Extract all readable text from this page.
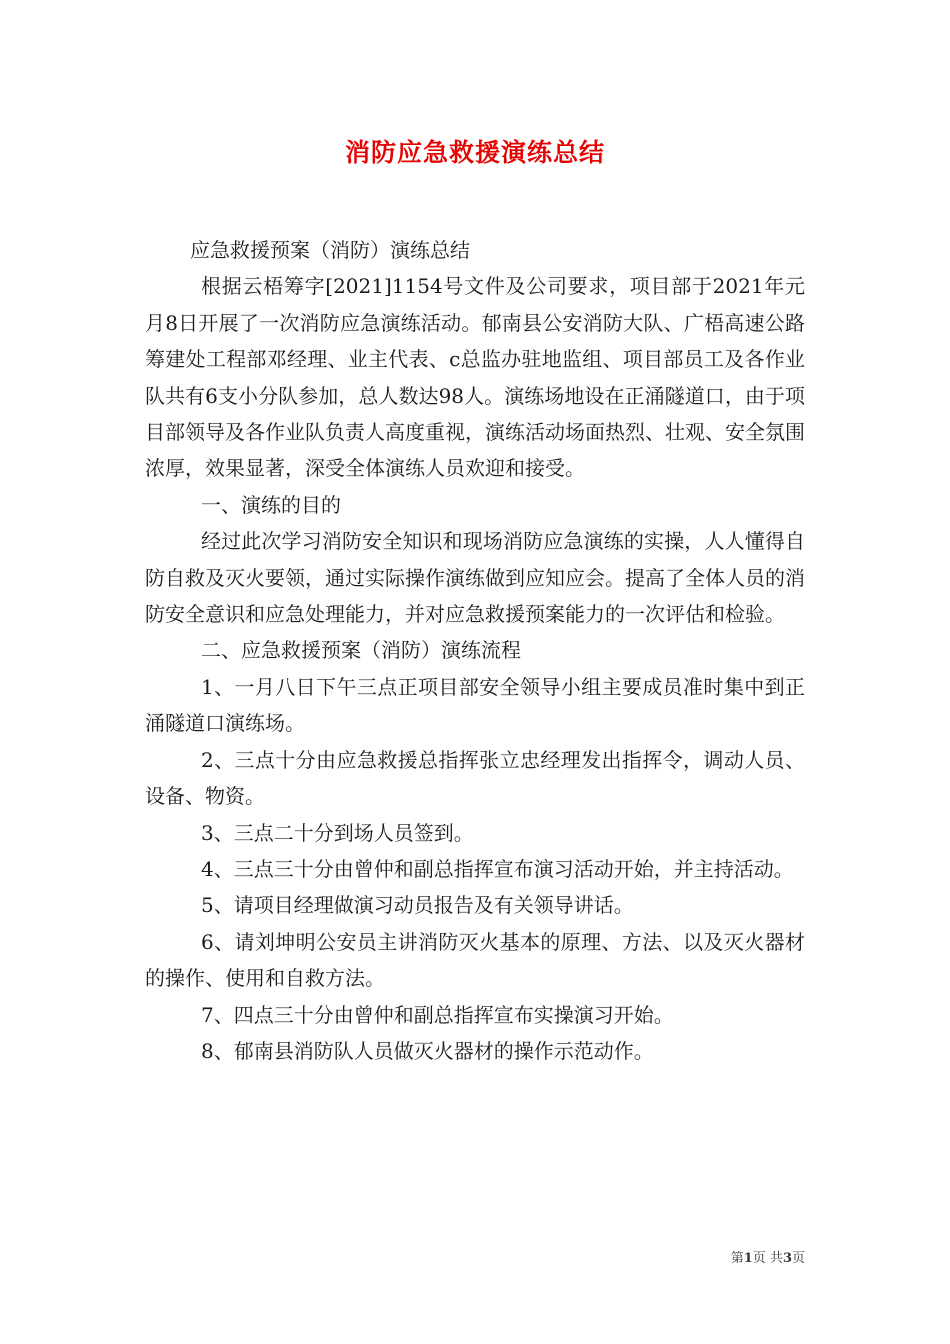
消防应急救援演练总结

应急救援预案（消防）演练总结

根据云梧筹字[2021]1154号文件及公司要求，项目部于2021年元月8日开展了一次消防应急演练活动。郁南县公安消防大队、广梧高速公路筹建处工程部邓经理、业主代表、c总监办驻地监组、项目部员工及各作业队共有6支小分队参加，总人数达98人。演练场地设在正涌隧道口，由于项目部领导及各作业队负责人高度重视，演练活动场面热烈、壮观、安全氛围浓厚，效果显著，深受全体演练人员欢迎和接受。

一、演练的目的

经过此次学习消防安全知识和现场消防应急演练的实操，人人懂得自防自救及灭火要领，通过实际操作演练做到应知应会。提高了全体人员的消防安全意识和应急处理能力，并对应急救援预案能力的一次评估和检验。

二、应急救援预案（消防）演练流程

1、一月八日下午三点正项目部安全领导小组主要成员准时集中到正涌隧道口演练场。

2、三点十分由应急救援总指挥张立忠经理发出指挥令，调动人员、设备、物资。

3、三点二十分到场人员签到。

4、三点三十分由曾仲和副总指挥宣布演习活动开始，并主持活动。

5、请项目经理做演习动员报告及有关领导讲话。

6、请刘坤明公安员主讲消防灭火基本的原理、方法、以及灭火器材的操作、使用和自救方法。

7、四点三十分由曾仲和副总指挥宣布实操演习开始。

8、郁南县消防队人员做灭火器材的操作示范动作。

第1页 共3页
